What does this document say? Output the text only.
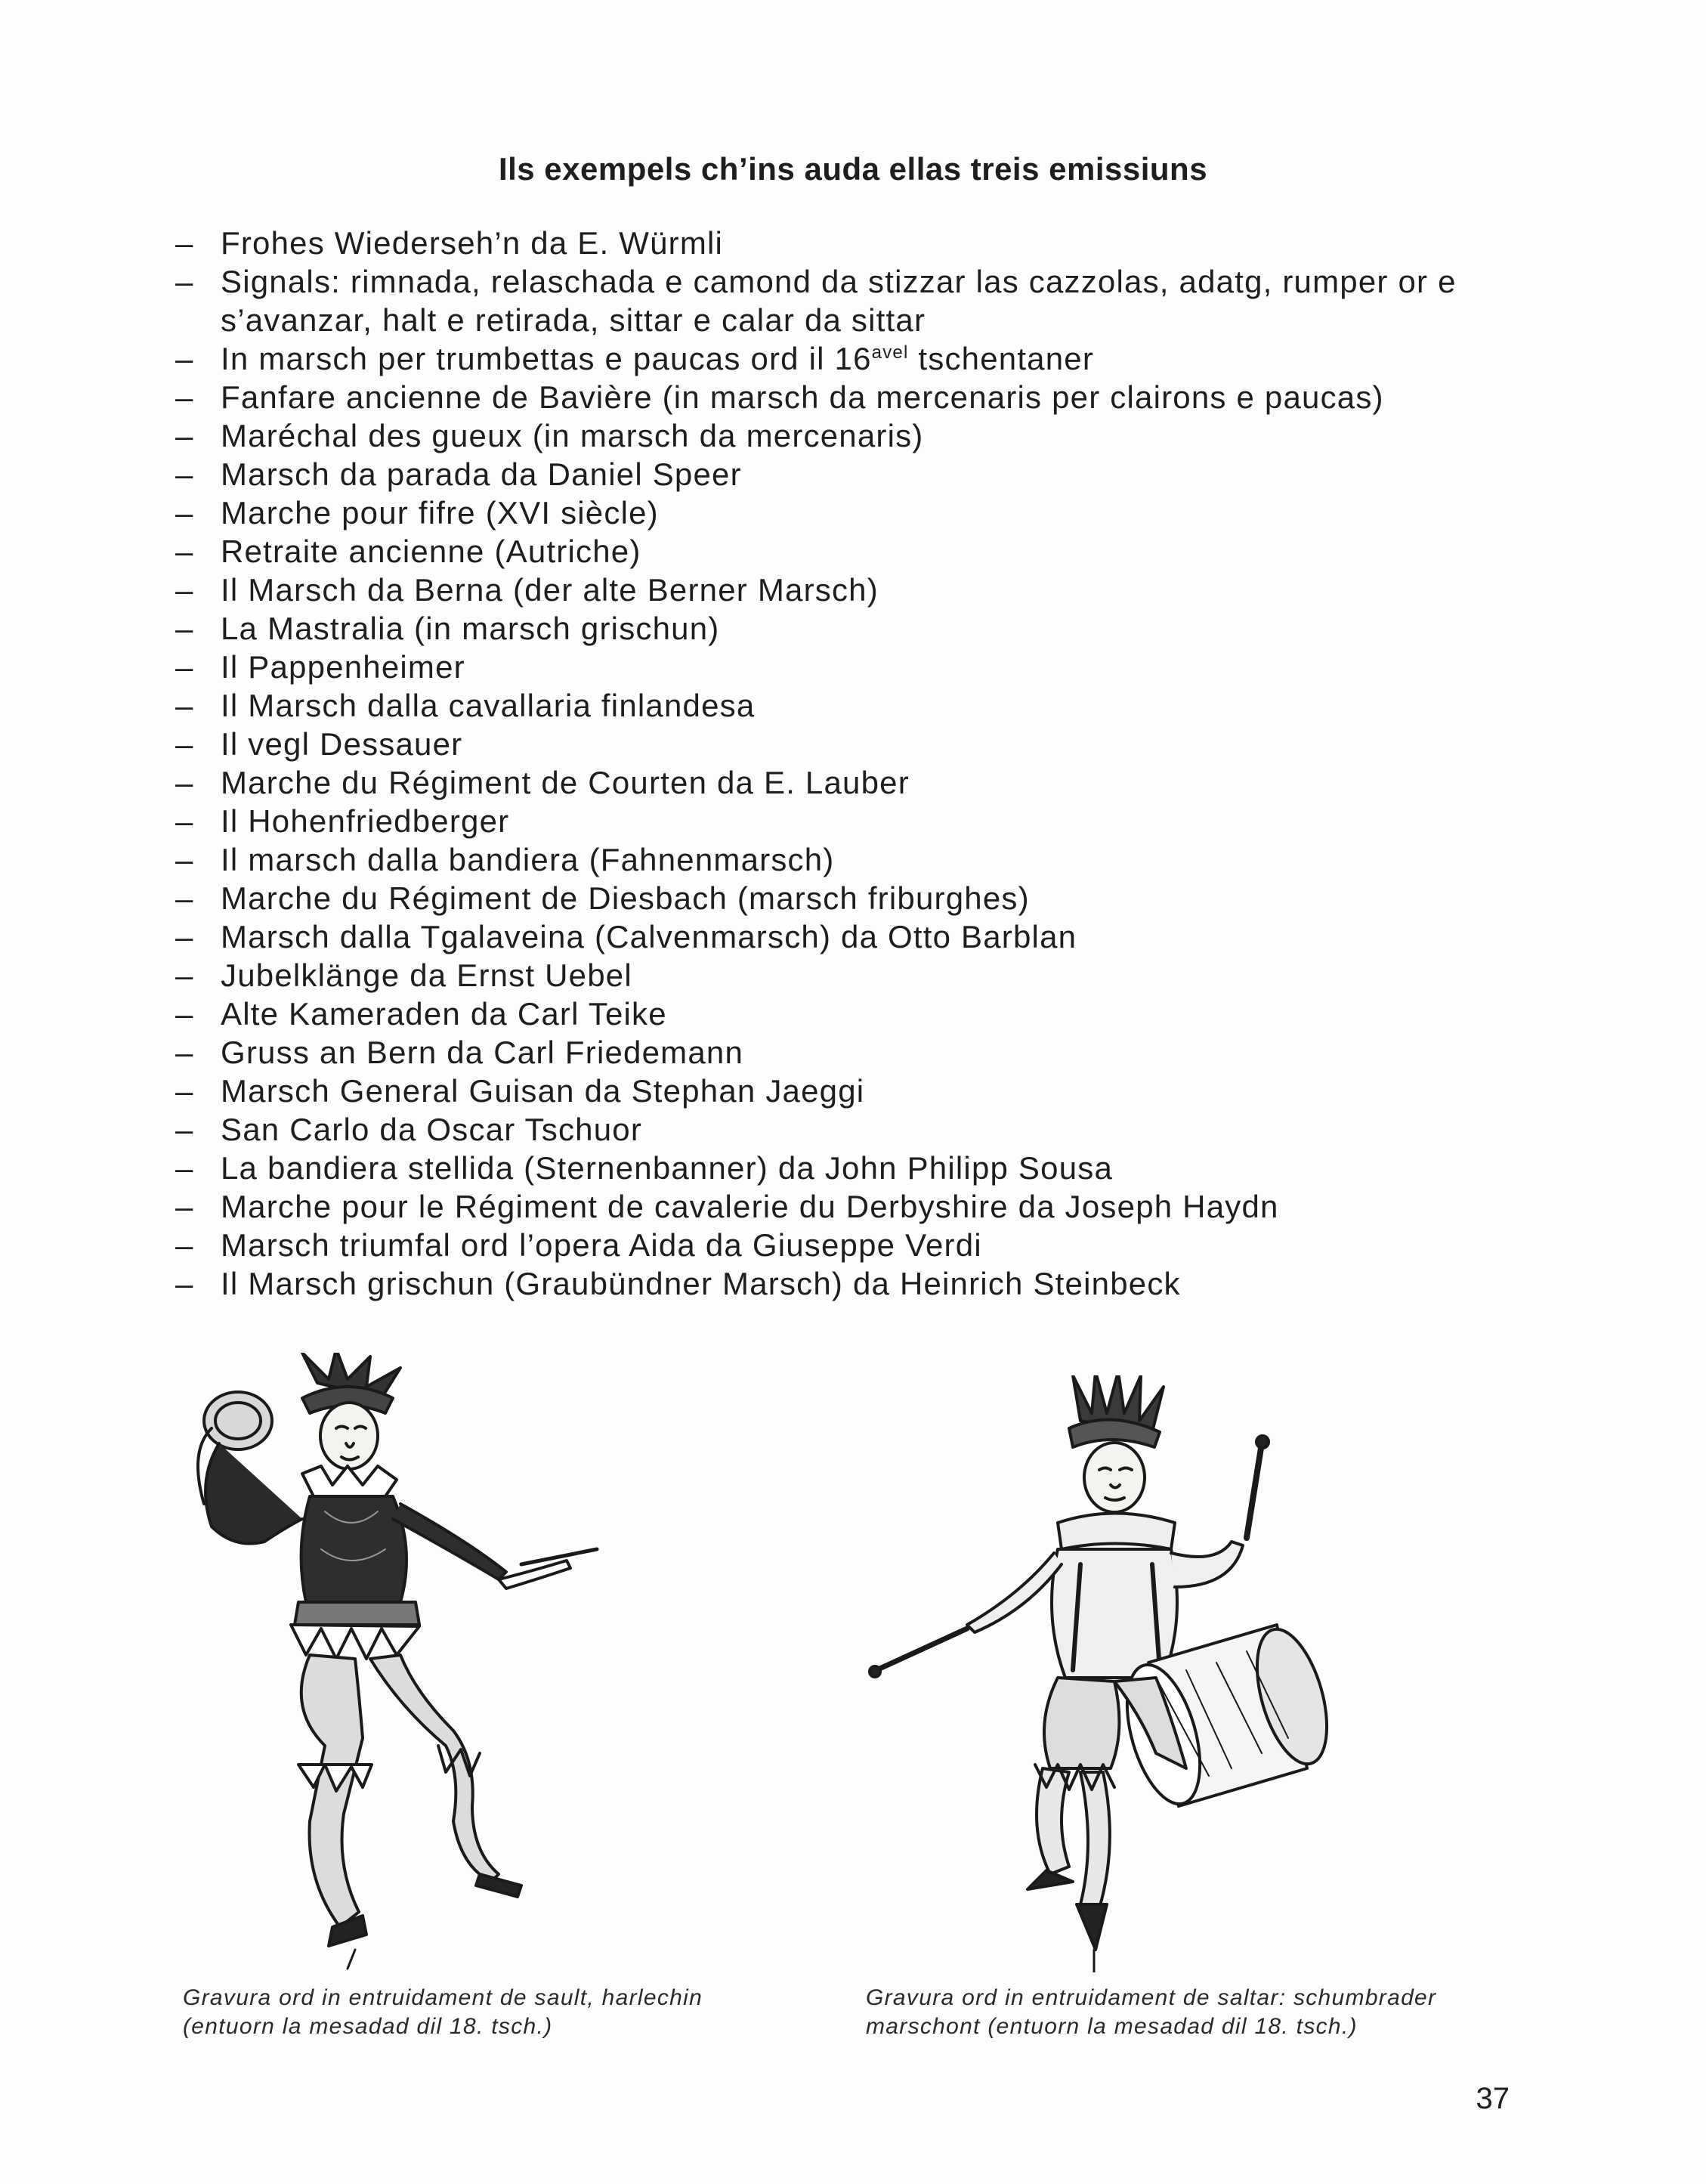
Ils exempels ch’ins auda ellas treis emissiuns
– Frohes Wiederseh’n da E. Würmli
– Signals: rimnada, relaschada e camond da stizzar las cazzolas, adatg, rumper or e
s’avanzar, halt e retirada, sittar e calar da sittar
– In marsch per trumbettas e paucas ord il $16^{avel}$ tschentaner
– Fanfare ancienne de Bavière (in marsch da mercenaris per clairons e paucas)
– Maréchal des gueux (in marsch da mercenaris)
– Marsch da parada da Daniel Speer
– Marche pour fifre (XVI siècle)
– Retraite ancienne (Autriche)
– Il Marsch da Berna (der alte Berner Marsch)
– La Mastralia (in marsch grischun)
– Il Pappenheimer
– Il Marsch dalla cavallaria finlandesa
– Il vegl Dessauer
– Marche du Régiment de Courten da E. Lauber
– Il Hohenfriedberger
– Il marsch dalla bandiera (Fahnenmarsch)
– Marche du Régiment de Diesbach (marsch friburghes)
– Marsch dalla Tgalaveina (Calvenmarsch) da Otto Barblan
– Jubelklänge da Ernst Uebel
– Alte Kameraden da Carl Teike
– Gruss an Bern da Carl Friedemann
– Marsch General Guisan da Stephan Jaeggi
– San Carlo da Oscar Tschuor
– La bandiera stellida (Sternenbanner) da John Philipp Sousa
– Marche pour le Régiment de cavalerie du Derbyshire da Joseph Haydn
– Marsch triumfal ord l’opera Aida da Giuseppe Verdi
– Il Marsch grischun (Graubündner Marsch) da Heinrich Steinbeck

Gravura ord in entruidament de sault, harlechin
(entuorn la mesadad dil 18. tsch.)

Gravura ord in entruidament de saltar: schumbrader
marschont (entuorn la mesadad dil 18. tsch.)

37
